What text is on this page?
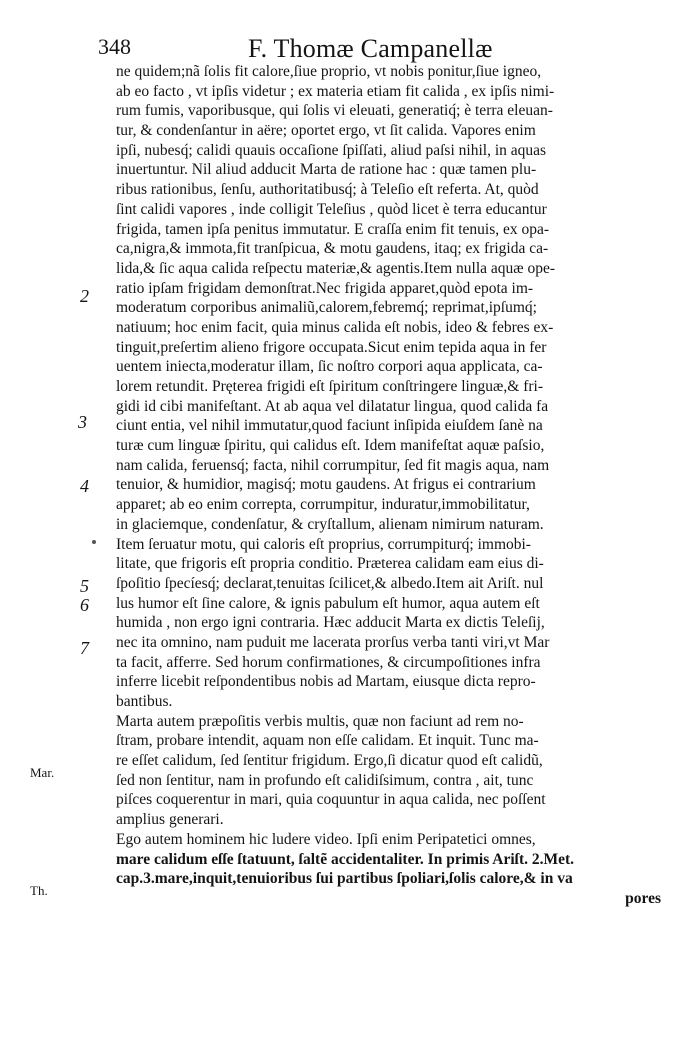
348	F. Thomæ Campanellæ
2
3
4
5
6
7
Mar.
Th.
ne quidem;nã ſolis fit calore,ſiue proprio, vt nobis ponitur,ſiue igneo,
ab eo facto , vt ipſis videtur ; ex materia etiam fit calida , ex ipſis nimi-
rum fumis, vaporibusque, qui ſolis vi eleuati, generatiq́; è terra eleuan-
tur, & condenſantur in aëre; oportet ergo, vt ſit calida. Vapores enim
ipſi, nubesq́; calidi quauis occaſione ſpiſſati, aliud paſsi nihil, in aquas
inuertuntur. Nil aliud adducit Marta de ratione hac : quæ tamen plu-
ribus rationibus, ſenſu, authoritatibusq́; à Teleſio eſt referta. At, quòd
ſint calidi vapores , inde colligit Teleſius , quòd licet è terra educantur
frigida, tamen ipſa penitus immutatur. E craſſa enim fit tenuis, ex opa-
ca,nigra,& immota,fit tranſpicua, & motu gaudens, itaq; ex frigida ca-
lida,& ſic aqua calida reſpectu materiæ,& agentis.Item nulla aquæ ope-
ratio ipſam frigidam demonſtrat.Nec frigida apparet,quòd epota im-
moderatum corporibus animaliũ,calorem,febremq́; reprimat,ipſumq́;
natiuum; hoc enim facit, quia minus calida eſt nobis, ideo & febres ex-
tinguit,preſertim alieno frigore occupata.Sicut enim tepida aqua in fer
uentem iniecta,moderatur illam, ſic noſtro corpori aqua applicata, ca-
lorem retundit. Pręterea frigidi eſt ſpiritum conſtringere linguæ,& fri-
gidi id cibi manifeſtant. At ab aqua vel dilatatur lingua, quod calida fa
ciunt entia, vel nihil immutatur,quod faciunt inſipida eiuſdem ſanè na
turæ cum linguæ ſpiritu, qui calidus eſt. Idem manifeſtat aquæ paſsio,
nam calida, feruensq́; facta, nihil corrumpitur, ſed fit magis aqua, nam
tenuior, & humidior, magisq́; motu gaudens. At frigus ei contrarium
apparet; ab eo enim correpta, corrumpitur, induratur,immobilitatur,
in glaciemque, condenſatur, & cryſtallum, alienam nimirum naturam.
Item ſeruatur motu, qui caloris eſt proprius, corrumpiturq́; immobi-
litate, que frigoris eſt propria conditio. Præterea calidam eam eius di-
ſpoſitio ſpecíesq́; declarat,tenuitas ſcilicet,& albedo.Item ait Ariſt. nul
lus humor eſt ſine calore, & ignis pabulum eſt humor, aqua autem eſt
humida , non ergo igni contraria. Hæc adducit Marta ex dictis Teleſij,
nec ita omnino, nam puduit me lacerata prorſus verba tanti viri,vt Mar
ta facit, afferre. Sed horum confirmationes, & circumpoſitiones infra
inferre licebit reſpondentibus nobis ad Martam, eiusque dicta repro-
bantibus.
Marta autem præpoſitis verbis multis, quæ non faciunt ad rem no-
ſtram, probare intendit, aquam non eſſe calidam. Et inquit. Tunc ma-
re eſſet calidum, ſed ſentitur frigidum. Ergo,ſi dicatur quod eſt calidũ,
ſed non ſentitur, nam in profundo eſt calidiſsimum, contra , ait, tunc
piſces coquerentur in mari, quia coquuntur in aqua calida, nec poſſent
amplius generari.
Ego autem hominem hic ludere video. Ipſi enim Peripatetici omnes,
mare calidum eſſe ſtatuunt, ſaltẽ accidentaliter. In primis Ariſt. 2.Met.
cap.3.mare,inquit,tenuioribus ſui partibus ſpoliari,ſolis calore,& in va
pores
